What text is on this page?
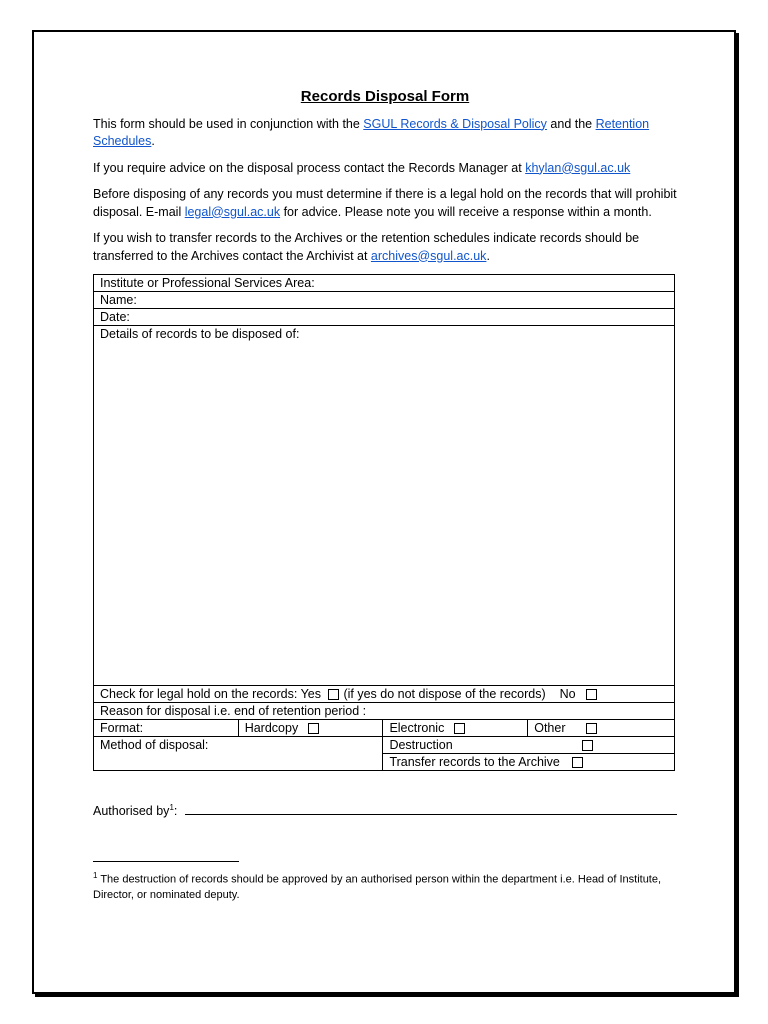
Records Disposal Form

This form should be used in conjunction with the SGUL Records & Disposal Policy and the Retention Schedules.

If you require advice on the disposal process contact the Records Manager at khylan@sgul.ac.uk

Before disposing of any records you must determine if there is a legal hold on the records that will prohibit disposal. E-mail legal@sgul.ac.uk for advice. Please note you will receive a response within a month.

If you wish to transfer records to the Archives or the retention schedules indicate records should be transferred to the Archives contact the Archivist at archives@sgul.ac.uk.

Institute or Professional Services Area:			
Name:			
Date:			
Details of records to be disposed of:			
Check for legal hold on the records: Yes (if yes do not dispose of the records) No			
Reason for disposal i.e. end of retention period :			
Format:	Hardcopy	Electronic	Other
Method of disposal:		Destruction	
		Transfer records to the Archive	
Authorised $by^1$:
$^1$ The destruction of records should be approved by an authorised person within the department i.e. Head of Institute, Director, or nominated deputy.
